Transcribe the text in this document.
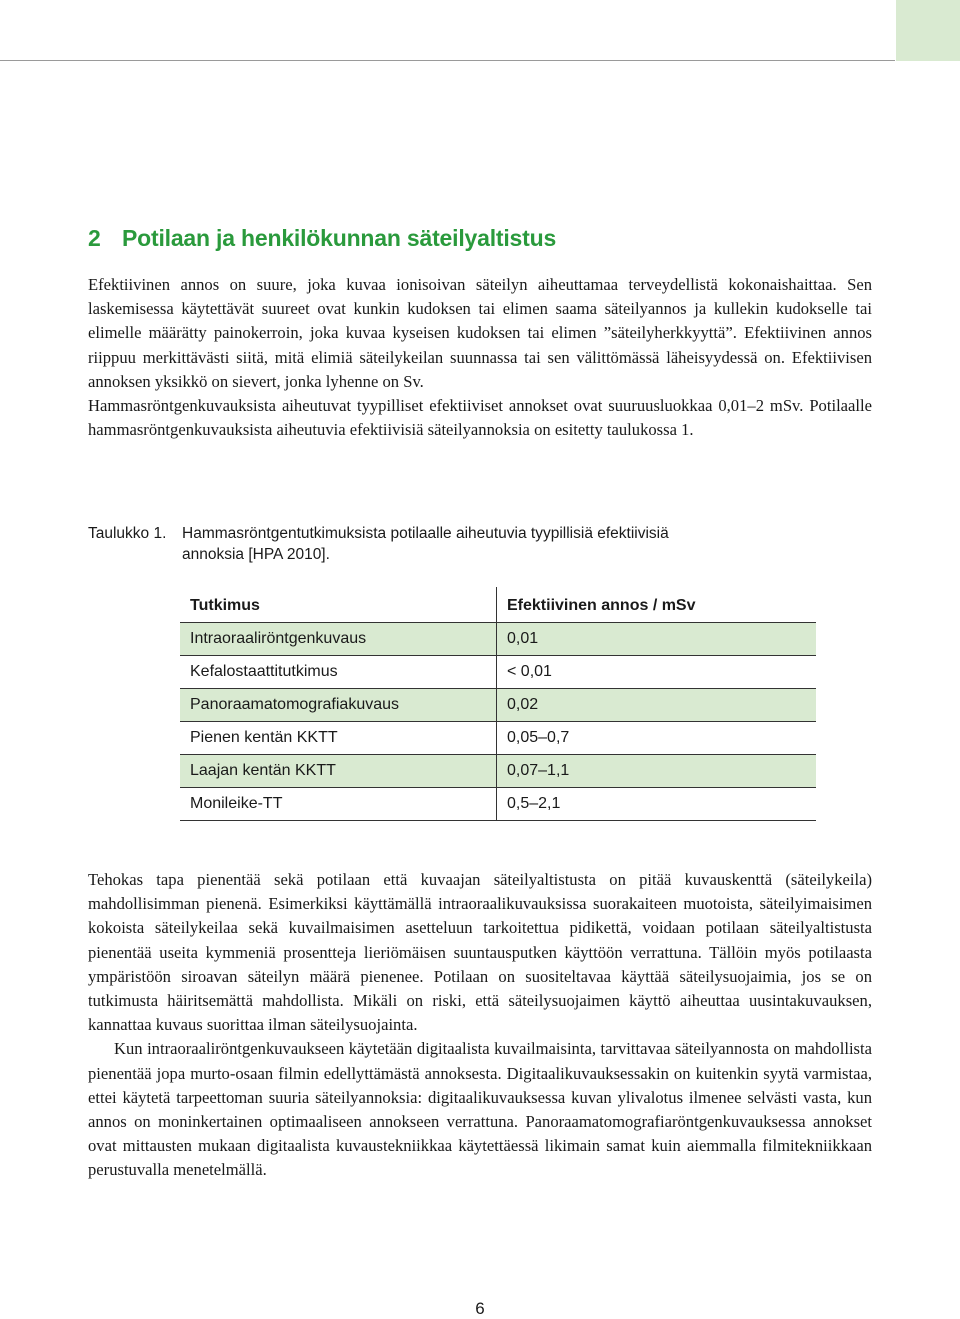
2 Potilaan ja henkilökunnan säteilyaltistus

Efektiivinen annos on suure, joka kuvaa ionisoivan säteilyn aiheuttamaa terveydellistä kokonaishaittaa. Sen laskemisessa käytettävät suureet ovat kunkin kudoksen tai elimen saama säteilyannos ja kullekin kudokselle tai elimelle määrätty painokerroin, joka kuvaa kyseisen kudoksen tai elimen ”säteilyherkkyyttä”. Efektiivinen annos riippuu merkittävästi siitä, mitä elimiä säteilykeilan suunnassa tai sen välittömässä läheisyydessä on. Efektiivisen annoksen yksikkö on sievert, jonka lyhenne on Sv.

Hammasröntgenkuvauksista aiheutuvat tyypilliset efektiiviset annokset ovat suuruusluokkaa 0,01–2 mSv. Potilaalle hammasröntgenkuvauksista aiheutuvia efektiivisiä säteilyannoksia on esitetty taulukossa 1.

Taulukko 1. Hammasröntgentutkimuksista potilaalle aiheutuvia tyypillisiä efektiivisiä annoksia [HPA 2010].
Tutkimus	Efektiivinen annos / mSv
Intraoraaliröntgenkuvaus	0,01
Kefalostaattitutkimus	< 0,01
Panoraamatomografiakuvaus	0,02
Pienen kentän KKTT	0,05–0,7
Laajan kentän KKTT	0,07–1,1
Monileike-TT	0,5–2,1

Tehokas tapa pienentää sekä potilaan että kuvaajan säteilyaltistusta on pitää kuvauskenttä (säteilykeila) mahdollisimman pienenä. Esimerkiksi käyttämällä intraoraalikuvauksissa suorakaiteen muotoista, säteilyimaisimen kokoista säteilykeilaa sekä kuvailmaisimen asetteluun tarkoitettua pidikettä, voidaan potilaan säteilyaltistusta pienentää useita kymmeniä prosentteja lieriömäisen suuntausputken käyttöön verrattuna. Tällöin myös potilaasta ympäristöön siroavan säteilyn määrä pienenee. Potilaan on suositeltavaa käyttää säteilysuojaimia, jos se on tutkimusta häiritsemättä mahdollista. Mikäli on riski, että säteilysuojaimen käyttö aiheuttaa uusintakuvauksen, kannattaa kuvaus suorittaa ilman säteilysuojainta.

Kun intraoraaliröntgenkuvaukseen käytetään digitaalista kuvailmaisinta, tarvittavaa säteilyannosta on mahdollista pienentää jopa murto-osaan filmin edellyttämästä annoksesta. Digitaalikuvauksessakin on kuitenkin syytä varmistaa, ettei käytetä tarpeettoman suuria säteilyannoksia: digitaalikuvauksessa kuvan ylivalotus ilmenee selvästi vasta, kun annos on moninkertainen optimaaliseen annokseen verrattuna. Panoraamatomografiaröntgenkuvauksessa annokset ovat mittausten mukaan digitaalista kuvaustekniikkaa käytettäessä likimain samat kuin aiemmalla filmitekniikkaan perustuvalla menetelmällä.

6
